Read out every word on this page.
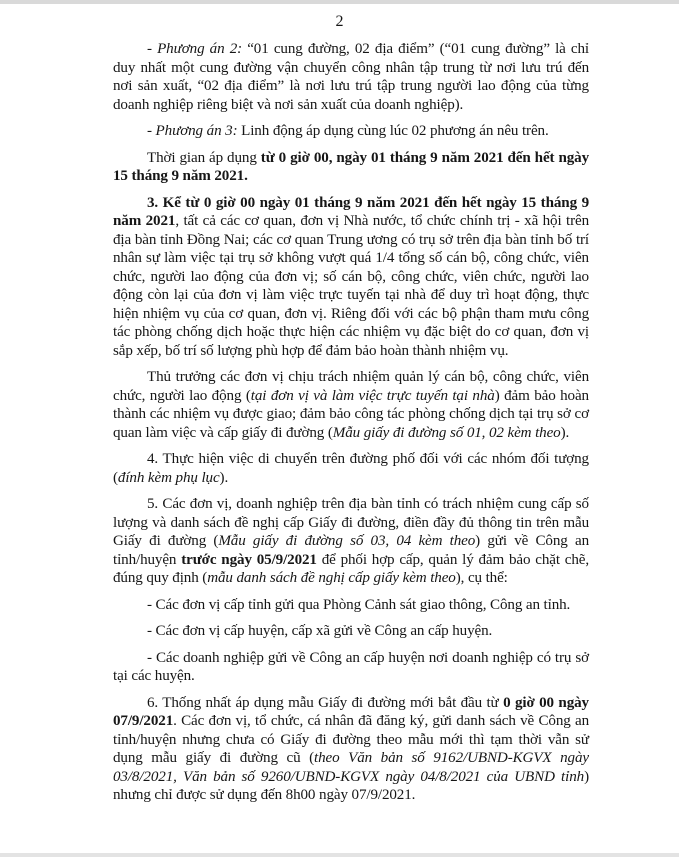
2

- Phương án 2: “01 cung đường, 02 địa điểm” (“01 cung đường” là chỉ duy nhất một cung đường vận chuyển công nhân tập trung từ nơi lưu trú đến nơi sản xuất, “02 địa điểm” là nơi lưu trú tập trung người lao động của từng doanh nghiệp riêng biệt và nơi sản xuất của doanh nghiệp).

- Phương án 3: Linh động áp dụng cùng lúc 02 phương án nêu trên.

Thời gian áp dụng từ 0 giờ 00, ngày 01 tháng 9 năm 2021 đến hết ngày 15 tháng 9 năm 2021.

3. Kể từ 0 giờ 00 ngày 01 tháng 9 năm 2021 đến hết ngày 15 tháng 9 năm 2021, tất cả các cơ quan, đơn vị Nhà nước, tổ chức chính trị - xã hội trên địa bàn tỉnh Đồng Nai; các cơ quan Trung ương có trụ sở trên địa bàn tỉnh bố trí nhân sự làm việc tại trụ sở không vượt quá 1/4 tổng số cán bộ, công chức, viên chức, người lao động của đơn vị; số cán bộ, công chức, viên chức, người lao động còn lại của đơn vị làm việc trực tuyến tại nhà để duy trì hoạt động, thực hiện nhiệm vụ của cơ quan, đơn vị. Riêng đối với các bộ phận tham mưu công tác phòng chống dịch hoặc thực hiện các nhiệm vụ đặc biệt do cơ quan, đơn vị sắp xếp, bố trí số lượng phù hợp để đảm bảo hoàn thành nhiệm vụ.

Thủ trưởng các đơn vị chịu trách nhiệm quản lý cán bộ, công chức, viên chức, người lao động (tại đơn vị và làm việc trực tuyến tại nhà) đảm bảo hoàn thành các nhiệm vụ được giao; đảm bảo công tác phòng chống dịch tại trụ sở cơ quan làm việc và cấp giấy đi đường (Mẫu giấy đi đường số 01, 02 kèm theo).

4. Thực hiện việc di chuyển trên đường phố đối với các nhóm đối tượng (đính kèm phụ lục).

5. Các đơn vị, doanh nghiệp trên địa bàn tỉnh có trách nhiệm cung cấp số lượng và danh sách đề nghị cấp Giấy đi đường, điền đầy đủ thông tin trên mẫu Giấy đi đường (Mẫu giấy đi đường số 03, 04 kèm theo) gửi về Công an tỉnh/huyện trước ngày 05/9/2021 để phối hợp cấp, quản lý đảm bảo chặt chẽ, đúng quy định (mẫu danh sách đề nghị cấp giấy kèm theo), cụ thể:

- Các đơn vị cấp tỉnh gửi qua Phòng Cảnh sát giao thông, Công an tỉnh.

- Các đơn vị cấp huyện, cấp xã gửi về Công an cấp huyện.

- Các doanh nghiệp gửi về Công an cấp huyện nơi doanh nghiệp có trụ sở tại các huyện.

6. Thống nhất áp dụng mẫu Giấy đi đường mới bắt đầu từ 0 giờ 00 ngày 07/9/2021. Các đơn vị, tổ chức, cá nhân đã đăng ký, gửi danh sách về Công an tỉnh/huyện nhưng chưa có Giấy đi đường theo mẫu mới thì tạm thời vẫn sử dụng mẫu giấy đi đường cũ (theo Văn bản số 9162/UBND-KGVX ngày 03/8/2021, Văn bản số 9260/UBND-KGVX ngày 04/8/2021 của UBND tỉnh) nhưng chỉ được sử dụng đến 8h00 ngày 07/9/2021.
